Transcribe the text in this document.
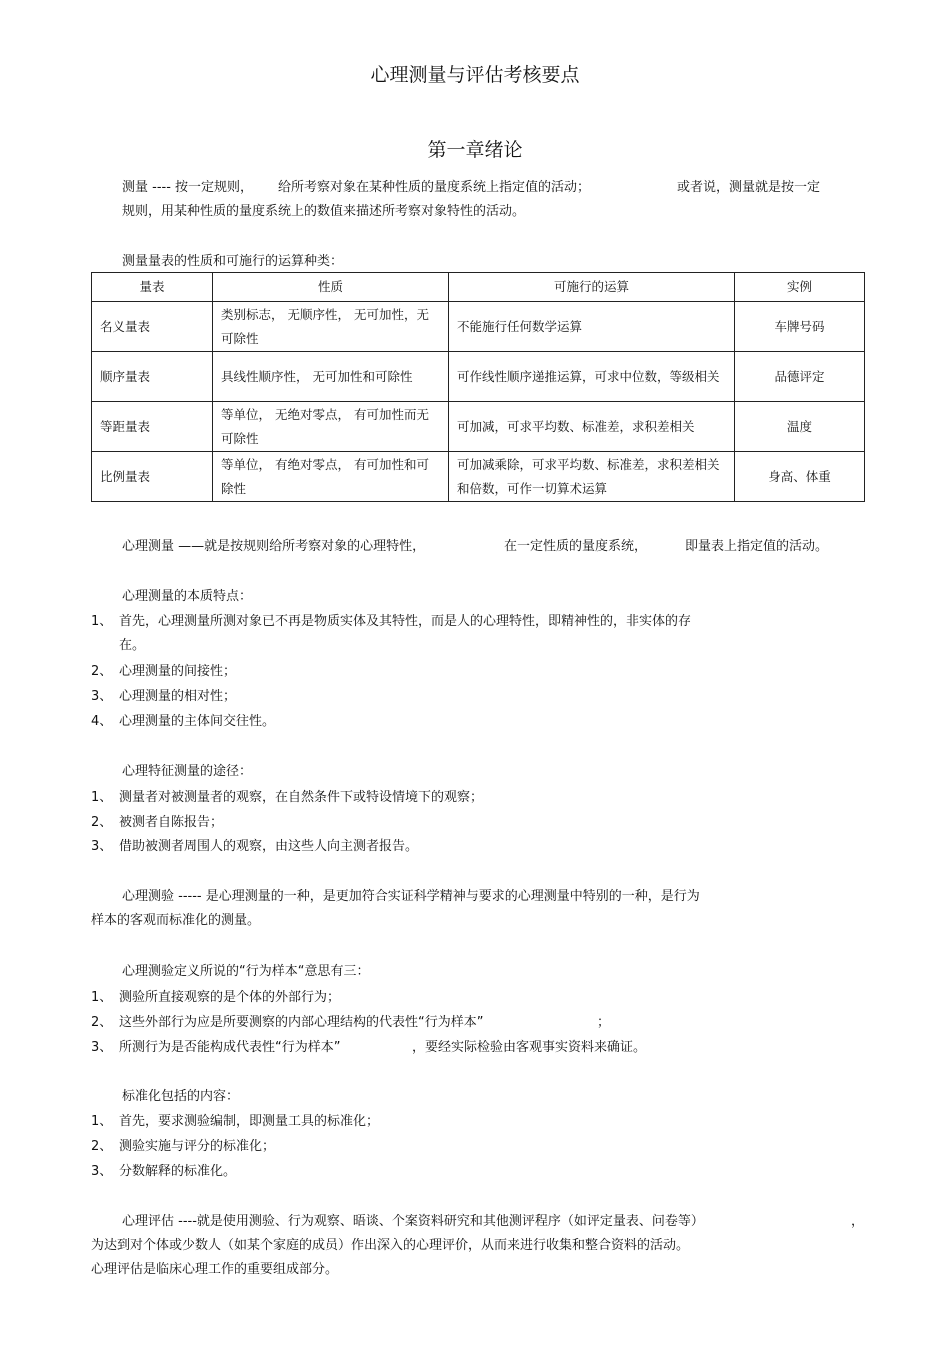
心理测量与评估考核要点
第一章绪论
测量 ---- 按一定规则， 给所考察对象在某种性质的量度系统上指定值的活动；	或者说，测量就是按一定
规则，用某种性质的量度系统上的数值来描述所考察对象特性的活动。
测量量表的性质和可施行的运算种类：
量表	性质	可施行的运算	实例
名义量表	类别标志， 无顺序性， 无可加性，无可除性	不能施行任何数学运算	车牌号码
顺序量表	具线性顺序性， 无可加性和可除性	可作线性顺序递推运算，可求中位数，等级相关	品德评定
等距量表	等单位， 无绝对零点， 有可加性而无可除性	可加减，可求平均数、标准差，求积差相关	温度
比例量表	等单位， 有绝对零点， 有可加性和可除性	可加减乘除，可求平均数、标准差，求积差相关和倍数，可作一切算术运算	身高、体重
心理测量 ——就是按规则给所考察对象的心理特性，	在一定性质的量度系统，	即量表上指定值的活动。
心理测量的本质特点：
1、 首先，心理测量所测对象已不再是物质实体及其特性，而是人的心理特性，即精神性的，非实体的存
在。
2、 心理测量的间接性；
3、 心理测量的相对性；
4、 心理测量的主体间交往性。
心理特征测量的途径：
1、 测量者对被测量者的观察，在自然条件下或特设情境下的观察；
2、 被测者自陈报告；
3、 借助被测者周围人的观察，由这些人向主测者报告。
心理测验 ----- 是心理测量的一种，是更加符合实证科学精神与要求的心理测量中特别的一种，是行为
样本的客观而标准化的测量。
心理测验定义所说的“行为样本“意思有三：
1、 测验所直接观察的是个体的外部行为；
2、 这些外部行为应是所要测察的内部心理结构的代表性“行为样本”	；
3、 所测行为是否能构成代表性“行为样本”	，要经实际检验由客观事实资料来确证。
标准化包括的内容：
1、 首先，要求测验编制，即测量工具的标准化；
2、 测验实施与评分的标准化；
3、 分数解释的标准化。
心理评估 ----就是使用测验、行为观察、晤谈、个案资料研究和其他测评程序（如评定量表、问卷等）	，
为达到对个体或少数人（如某个家庭的成员）作出深入的心理评价，从而来进行收集和整合资料的活动。
心理评估是临床心理工作的重要组成部分。
